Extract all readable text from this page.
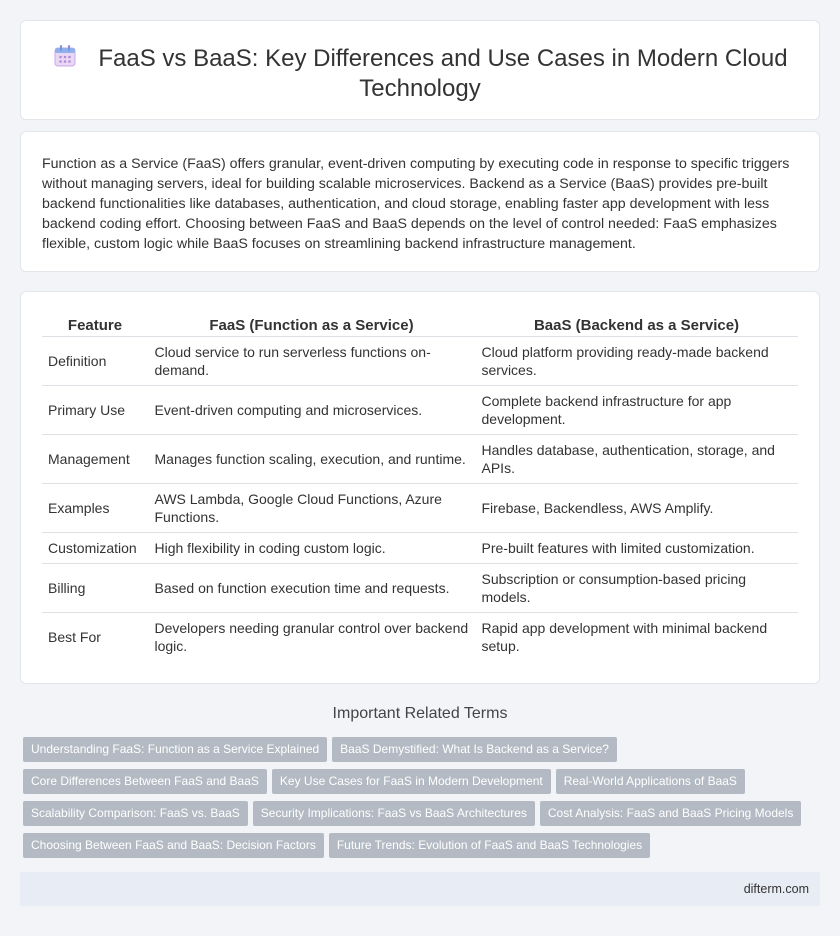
FaaS vs BaaS: Key Differences and Use Cases in Modern Cloud Technology

Function as a Service (FaaS) offers granular, event-driven computing by executing code in response to specific triggers without managing servers, ideal for building scalable microservices. Backend as a Service (BaaS) provides pre-built backend functionalities like databases, authentication, and cloud storage, enabling faster app development with less backend coding effort. Choosing between FaaS and BaaS depends on the level of control needed: FaaS emphasizes flexible, custom logic while BaaS focuses on streamlining backend infrastructure management.

Feature	FaaS (Function as a Service)	BaaS (Backend as a Service)
Definition	Cloud service to run serverless functions on-demand.	Cloud platform providing ready-made backend services.
Primary Use	Event-driven computing and microservices.	Complete backend infrastructure for app development.
Management	Manages function scaling, execution, and runtime.	Handles database, authentication, storage, and APIs.
Examples	AWS Lambda, Google Cloud Functions, Azure Functions.	Firebase, Backendless, AWS Amplify.
Customization	High flexibility in coding custom logic.	Pre-built features with limited customization.
Billing	Based on function execution time and requests.	Subscription or consumption-based pricing models.
Best For	Developers needing granular control over backend logic.	Rapid app development with minimal backend setup.
Important Related Terms
Understanding FaaS: Function as a Service Explained BaaS Demystified: What Is Backend as a Service?
Core Differences Between FaaS and BaaS Key Use Cases for FaaS in Modern Development Real-World Applications of BaaS
Scalability Comparison: FaaS vs. BaaS Security Implications: FaaS vs BaaS Architectures Cost Analysis: FaaS and BaaS Pricing Models
Choosing Between FaaS and BaaS: Decision Factors Future Trends: Evolution of FaaS and BaaS Technologies
difterm.com
